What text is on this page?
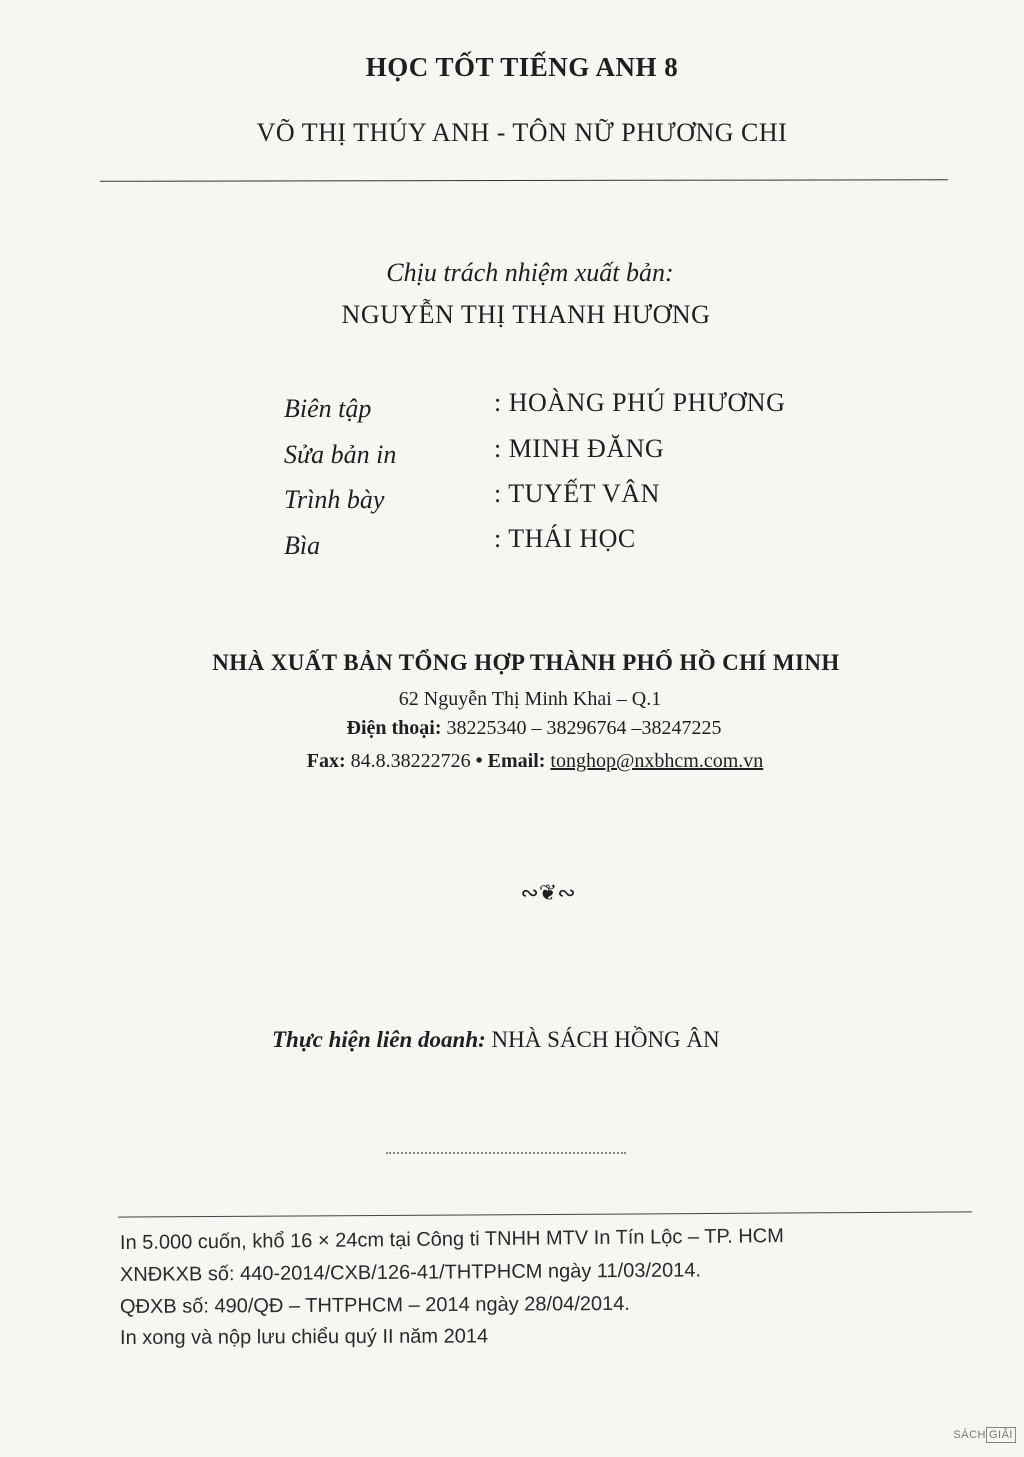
HỌC TỐT TIẾNG ANH 8
VÕ THỊ THÚY ANH - TÔN NỮ PHƯƠNG CHI
Chịu trách nhiệm xuất bản:
NGUYỄN THỊ THANH HƯƠNG
Biên tập	: HOÀNG PHÚ PHƯƠNG
Sửa bản in	: MINH ĐĂNG
Trình bày	: TUYẾT VÂN
Bìa	: THÁI HỌC
NHÀ XUẤT BẢN TỔNG HỢP THÀNH PHỐ HỒ CHÍ MINH
62 Nguyễn Thị Minh Khai – Q.1
Điện thoại: 38225340 – 38296764 –38247225
Fax: 84.8.38222726 • Email: tonghop@nxbhcm.com.vn
∾❦∾
Thực hiện liên doanh: NHÀ SÁCH HỒNG ÂN
In 5.000 cuốn, khổ 16 × 24cm tại Công ti TNHH MTV In Tín Lộc – TP. HCM
XNĐKXB số: 440-2014/CXB/126-41/THTPHCM ngày 11/03/2014.
QĐXB số: 490/QĐ – THTPHCM – 2014 ngày 28/04/2014.
In xong và nộp lưu chiểu quý II năm 2014
SÁCH GIẢI
